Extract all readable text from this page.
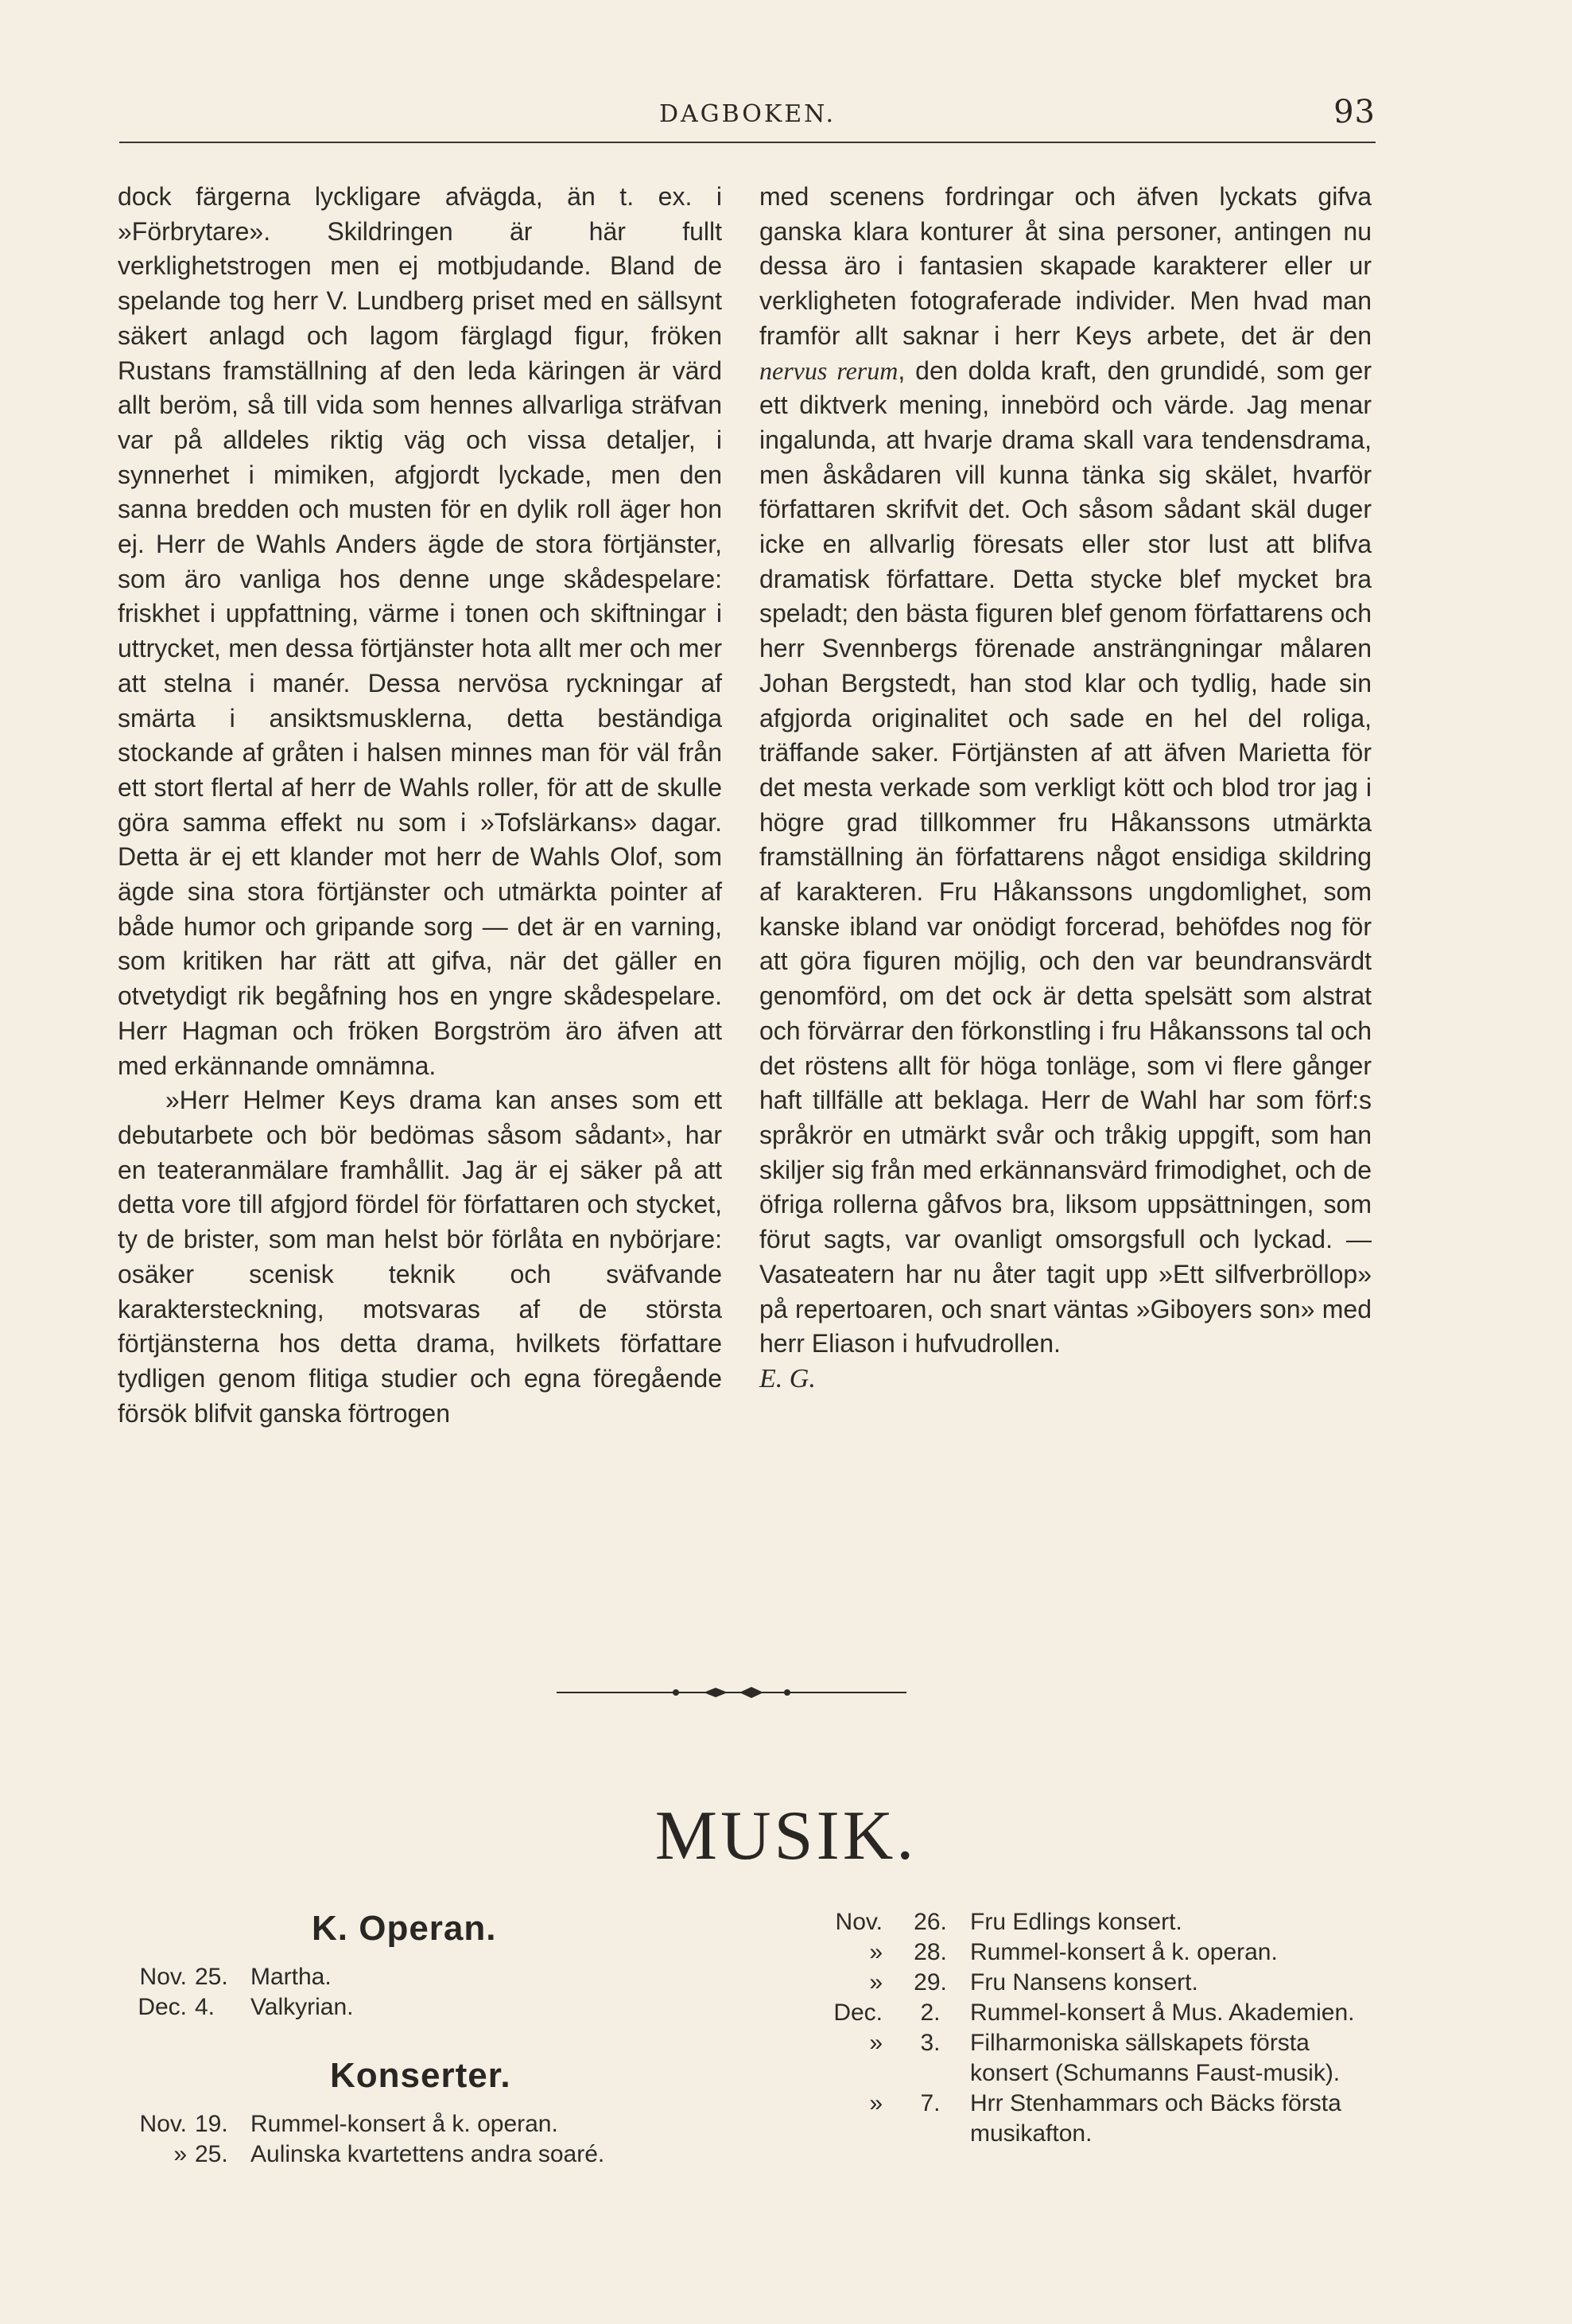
DAGBOKEN.	93

dock färgerna lyckligare afvägda, än t. ex. i »Förbrytare». Skildringen är här fullt verklighetstrogen men ej motbjudande. Bland de spelande tog herr V. Lundberg priset med en sällsynt säkert anlagd och lagom färglagd figur, fröken Rustans framställning af den leda käringen är värd allt beröm, så till vida som hennes allvarliga sträfvan var på alldeles riktig väg och vissa detaljer, i synnerhet i mimiken, afgjordt lyckade, men den sanna bredden och musten för en dylik roll äger hon ej. Herr de Wahls Anders ägde de stora förtjänster, som äro vanliga hos denne unge skådespelare: friskhet i uppfattning, värme i tonen och skiftningar i uttrycket, men dessa förtjänster hota allt mer och mer att stelna i manér. Dessa nervösa ryckningar af smärta i ansiktsmusklerna, detta beständiga stockande af gråten i halsen minnes man för väl från ett stort flertal af herr de Wahls roller, för att de skulle göra samma effekt nu som i »Tofslärkans» dagar. Detta är ej ett klander mot herr de Wahls Olof, som ägde sina stora förtjänster och utmärkta pointer af både humor och gripande sorg — det är en varning, som kritiken har rätt att gifva, när det gäller en otvetydigt rik begåfning hos en yngre skådespelare. Herr Hagman och fröken Borgström äro äfven att med erkännande omnämna.

»Herr Helmer Keys drama kan anses som ett debutarbete och bör bedömas såsom sådant», har en teateranmälare framhållit. Jag är ej säker på att detta vore till afgjord fördel för författaren och stycket, ty de brister, som man helst bör förlåta en nybörjare: osäker scenisk teknik och sväfvande karaktersteckning, motsvaras af de största förtjänsterna hos detta drama, hvilkets författare tydligen genom flitiga studier och egna föregående försök blifvit ganska förtrogen

med scenens fordringar och äfven lyckats gifva ganska klara konturer åt sina personer, antingen nu dessa äro i fantasien skapade karakterer eller ur verkligheten fotograferade individer. Men hvad man framför allt saknar i herr Keys arbete, det är den nervus rerum, den dolda kraft, den grundidé, som ger ett diktverk mening, innebörd och värde. Jag menar ingalunda, att hvarje drama skall vara tendensdrama, men åskådaren vill kunna tänka sig skälet, hvarför författaren skrifvit det. Och såsom sådant skäl duger icke en allvarlig föresats eller stor lust att blifva dramatisk författare. Detta stycke blef mycket bra speladt; den bästa figuren blef genom författarens och herr Svennbergs förenade ansträngningar målaren Johan Bergstedt, han stod klar och tydlig, hade sin afgjorda originalitet och sade en hel del roliga, träffande saker. Förtjänsten af att äfven Marietta för det mesta verkade som verkligt kött och blod tror jag i högre grad tillkommer fru Håkanssons utmärkta framställning än författarens något ensidiga skildring af karakteren. Fru Håkanssons ungdomlighet, som kanske ibland var onödigt forcerad, behöfdes nog för att göra figuren möjlig, och den var beundransvärdt genomförd, om det ock är detta spelsätt som alstrat och förvärrar den förkonstling i fru Håkanssons tal och det röstens allt för höga tonläge, som vi flere gånger haft tillfälle att beklaga. Herr de Wahl har som förf:s språkrör en utmärkt svår och tråkig uppgift, som han skiljer sig från med erkännansvärd frimodighet, och de öfriga rollerna gåfvos bra, liksom uppsättningen, som förut sagts, var ovanligt omsorgsfull och lyckad. — Vasateatern har nu åter tagit upp »Ett silfverbröllop» på repertoaren, och snart väntas »Giboyers son» med herr Eliason i hufvudrollen.

E. G.

MUSIK.
K. Operan.
Nov. 25. Martha.
Dec. 4.	Valkyrian.
Konserter.
Nov. 19. Rummel-konsert å k. operan.
» 25. Aulinska kvartettens andra soaré.
Nov.	26. Fru Edlings konsert.
»	28. Rummel-konsert å k. operan.
»	29. Fru Nansens konsert.
Dec.	2.	Rummel-konsert å Mus. Akademien.
»	3.	Filharmoniska sällskapets första konsert (Schumanns Faust-musik).
»	7.	Hrr Stenhammars och Bäcks första musikafton.
